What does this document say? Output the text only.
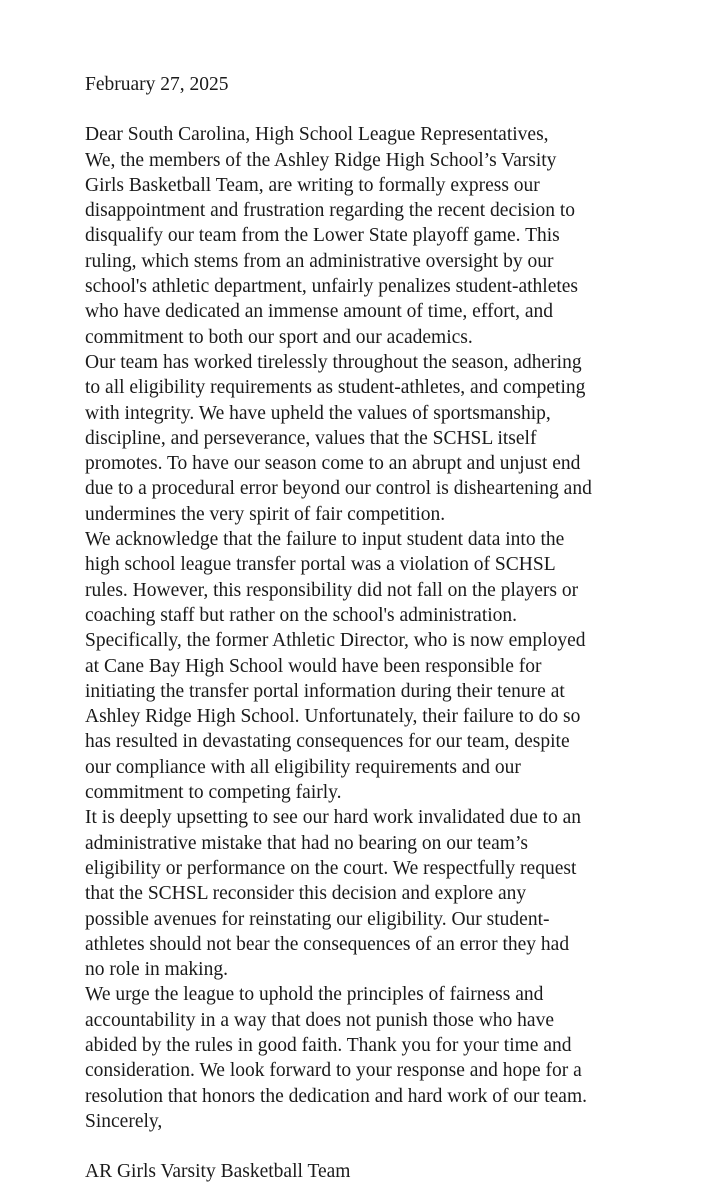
February 27, 2025

Dear South Carolina, High School League Representatives,

We, the members of the Ashley Ridge High School’s Varsity
Girls Basketball Team, are writing to formally express our
disappointment and frustration regarding the recent decision to
disqualify our team from the Lower State playoff game. This
ruling, which stems from an administrative oversight by our
school's athletic department, unfairly penalizes student-athletes
who have dedicated an immense amount of time, effort, and
commitment to both our sport and our academics.
Our team has worked tirelessly throughout the season, adhering
to all eligibility requirements as student-athletes, and competing
with integrity. We have upheld the values of sportsmanship,
discipline, and perseverance, values that the SCHSL itself
promotes. To have our season come to an abrupt and unjust end
due to a procedural error beyond our control is disheartening and
undermines the very spirit of fair competition.
We acknowledge that the failure to input student data into the
high school league transfer portal was a violation of SCHSL
rules. However, this responsibility did not fall on the players or
coaching staff but rather on the school's administration.
Specifically, the former Athletic Director, who is now employed
at Cane Bay High School would have been responsible for
initiating the transfer portal information during their tenure at
Ashley Ridge High School. Unfortunately, their failure to do so
has resulted in devastating consequences for our team, despite
our compliance with all eligibility requirements and our
commitment to competing fairly.
It is deeply upsetting to see our hard work invalidated due to an
administrative mistake that had no bearing on our team’s
eligibility or performance on the court. We respectfully request
that the SCHSL reconsider this decision and explore any
possible avenues for reinstating our eligibility. Our student-
athletes should not bear the consequences of an error they had
no role in making.
We urge the league to uphold the principles of fairness and
accountability in a way that does not punish those who have
abided by the rules in good faith. Thank you for your time and
consideration. We look forward to your response and hope for a
resolution that honors the dedication and hard work of our team.

Sincerely,

AR Girls Varsity Basketball Team
